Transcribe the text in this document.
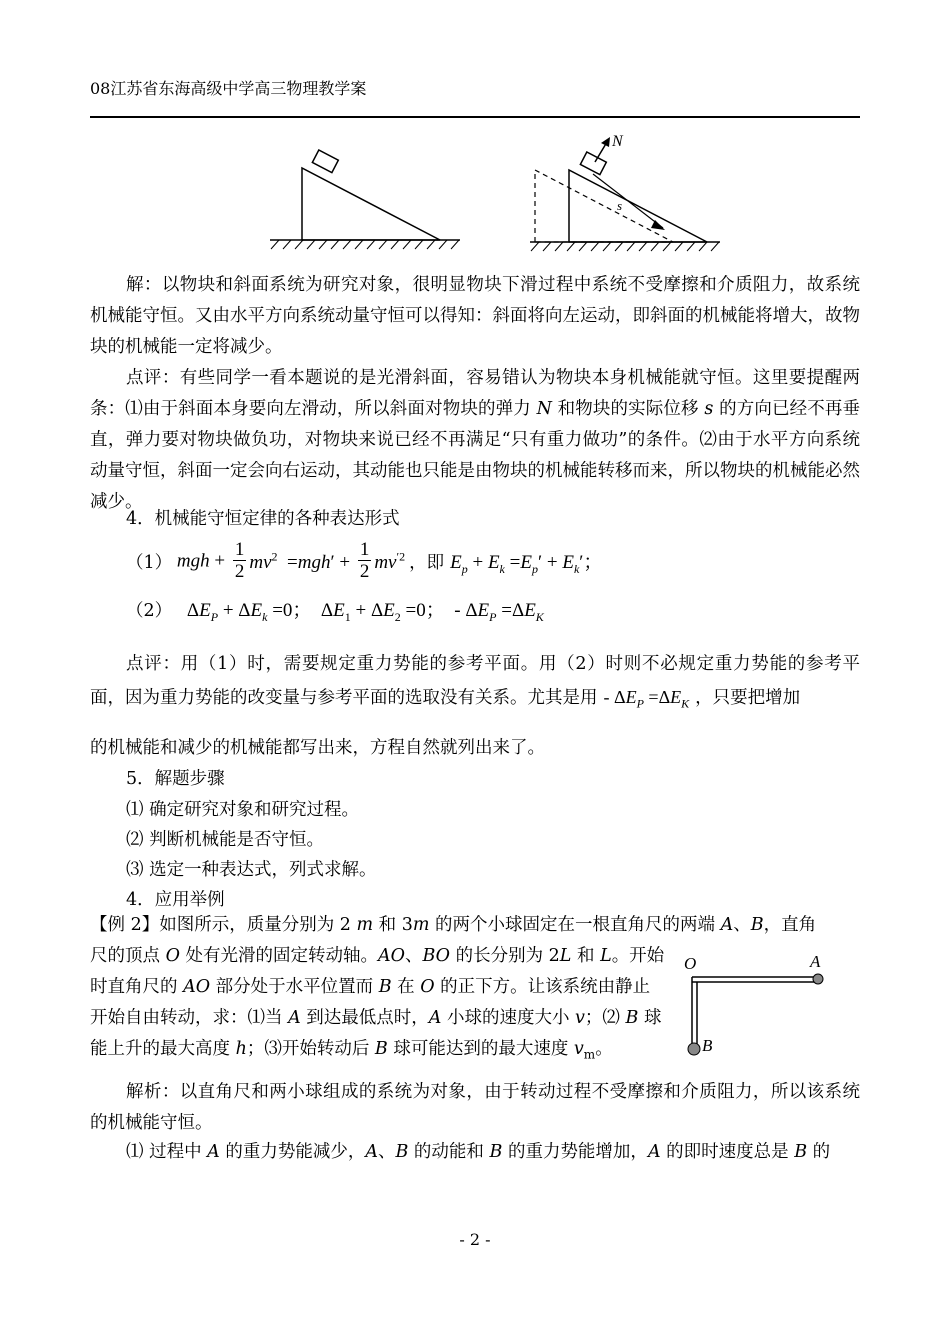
08江苏省东海高级中学高三物理教学案
N
s

解：以物块和斜面系统为研究对象，很明显物块下滑过程中系统不受摩擦和介质阻力，故系统机械能守恒。又由水平方向系统动量守恒可以得知：斜面将向左运动，即斜面的机械能将增大，故物块的机械能一定将减少。

点评：有些同学一看本题说的是光滑斜面，容易错认为物块本身机械能就守恒。这里要提醒两条：⑴由于斜面本身要向左滑动，所以斜面对物块的弹力 N 和物块的实际位移 s 的方向已经不再垂直，弹力要对物块做负功，对物块来说已经不再满足“只有重力做功”的条件。⑵由于水平方向系统动量守恒，斜面一定会向右运动，其动能也只能是由物块的机械能转移而来，所以物块的机械能必然减少。

4．机械能守恒定律的各种表达形式
（1） mgh + $\frac{1}{2} mv^2 =mgh' + \frac{1}{2} mv^{'2}$ ，即 $E_p + E_k =E_p' + E_k'$；
（2） $\Delta E_P + \Delta E_k =0$；  $\Delta E_1 + \Delta E_2 =0$；  - $\Delta E_P =\Delta E_K$

点评：用（1）时，需要规定重力势能的参考平面。用（2）时则不必规定重力势能的参考平面，因为重力势能的改变量与参考平面的选取没有关系。尤其是用 - $\Delta E_P =\Delta E_K$ ，只要把增加

的机械能和减少的机械能都写出来，方程自然就列出来了。
5．解题步骤
⑴ 确定研究对象和研究过程。
⑵ 判断机械能是否守恒。
⑶ 选定一种表达式，列式求解。
4．应用举例

【例 2】如图所示，质量分别为 2 m 和 3m 的两个小球固定在一根直角尺的两端 A、B，直角
尺的顶点 O 处有光滑的固定转动轴。AO、BO 的长分别为 2L 和 L。开始时直角尺的 AO 部分处于水平位置而 B 在 O 的正下方。让该系统由静止开始自由转动，求：⑴当 A 到达最低点时，A 小球的速度大小 v；⑵ B 球能上升的最大高度 h；⑶开始转动后 B 球可能达到的最大速度 $v_m$。

O	A
B

解析：以直角尺和两小球组成的系统为对象，由于转动过程不受摩擦和介质阻力，所以该系统的机械能守恒。

⑴ 过程中 A 的重力势能减少，A、B 的动能和 B 的重力势能增加，A 的即时速度总是 B 的
- 2 -
